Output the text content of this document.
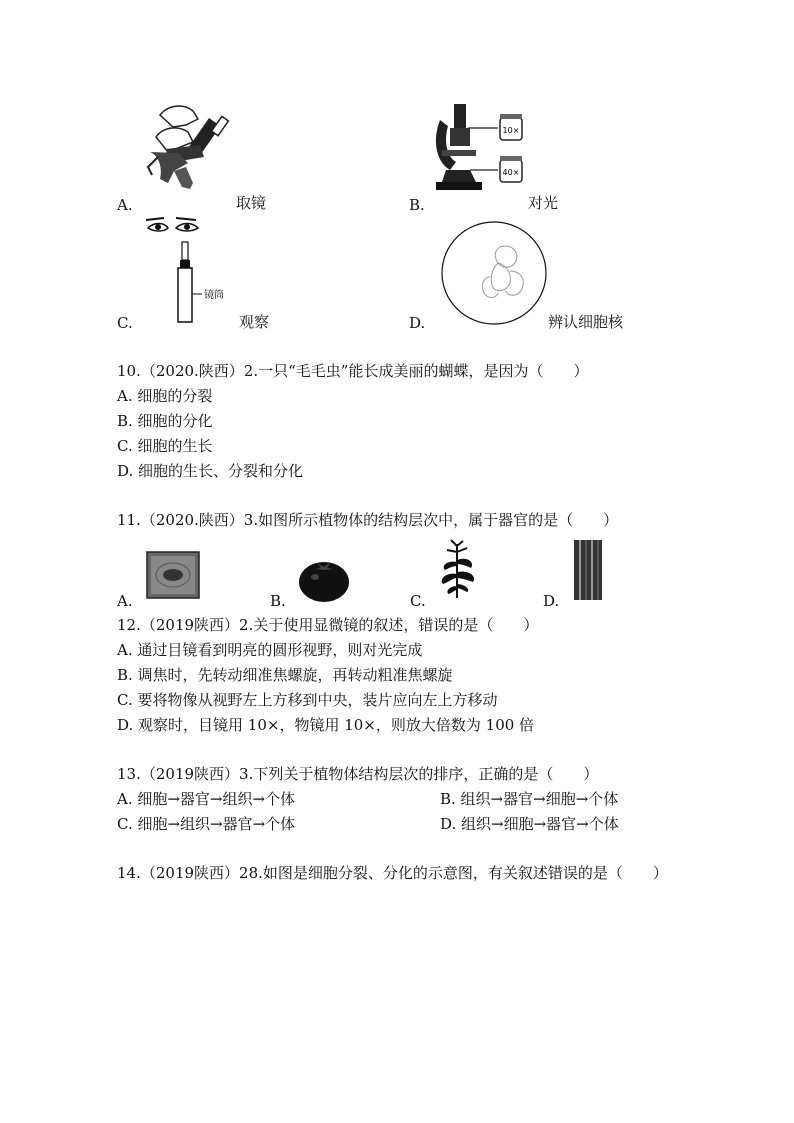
A.	取镜
10×
40×
B.	对光
镜筒
C.	观察	D.	辨认细胞核
10.（2020.陕西）2.一只“毛毛虫”能长成美丽的蝴蝶，是因为（　　）
A. 细胞的分裂
B. 细胞的分化
C. 细胞的生长
D. 细胞的生长、分裂和分化
11.（2020.陕西）3.如图所示植物体的结构层次中，属于器官的是（　　）
A.	B.	C.	D.
12.（2019陕西）2.关于使用显微镜的叙述，错误的是（　　）
A. 通过目镜看到明亮的圆形视野，则对光完成
B. 调焦时，先转动细准焦螺旋，再转动粗准焦螺旋
C. 要将物像从视野左上方移到中央，装片应向左上方移动
D. 观察时，目镜用 10×，物镜用 10×，则放大倍数为 100 倍
13.（2019陕西）3.下列关于植物体结构层次的排序，正确的是（　　）
A. 细胞→器官→组织→个体	B. 组织→器官→细胞→个体
C. 细胞→组织→器官→个体	D. 组织→细胞→器官→个体
14.（2019陕西）28.如图是细胞分裂、分化的示意图，有关叙述错误的是（　　）
